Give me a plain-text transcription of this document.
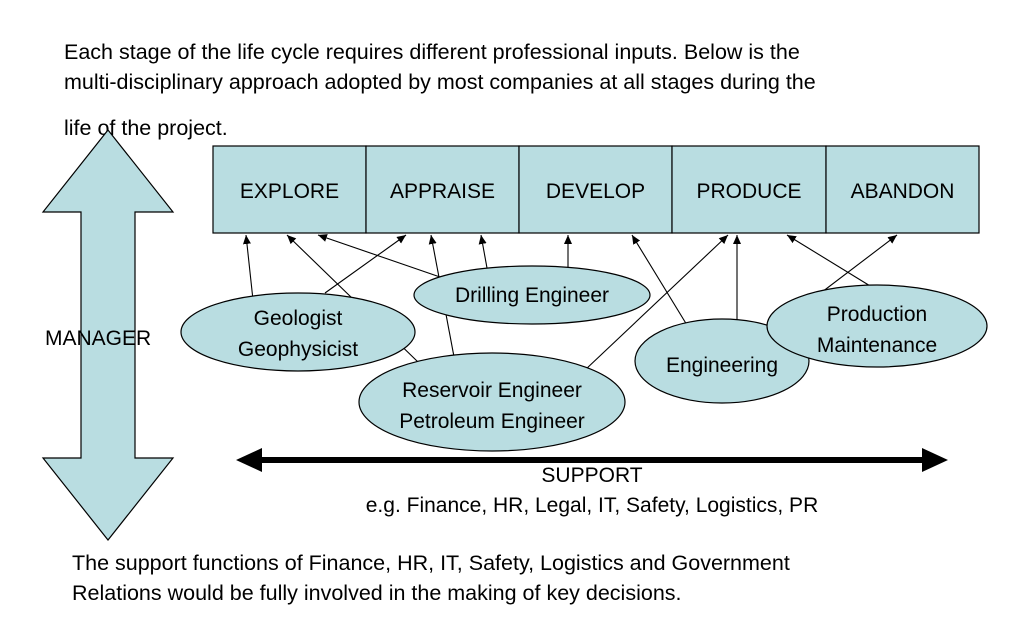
Each stage of the life cycle requires different professional inputs. Below is the
multi-disciplinary approach adopted by most companies at all stages during the
life of the project.

MANAGER
EXPLORE APPRAISE DEVELOP PRODUCE ABANDON
Geologist
Geophysicist
Drilling Engineer
Reservoir Engineer
Petroleum Engineer
Engineering
Production
Maintenance
SUPPORT
e.g. Finance, HR, Legal, IT, Safety, Logistics, PR

The support functions of Finance, HR, IT, Safety, Logistics and Government
Relations would be fully involved in the making of key decisions.
